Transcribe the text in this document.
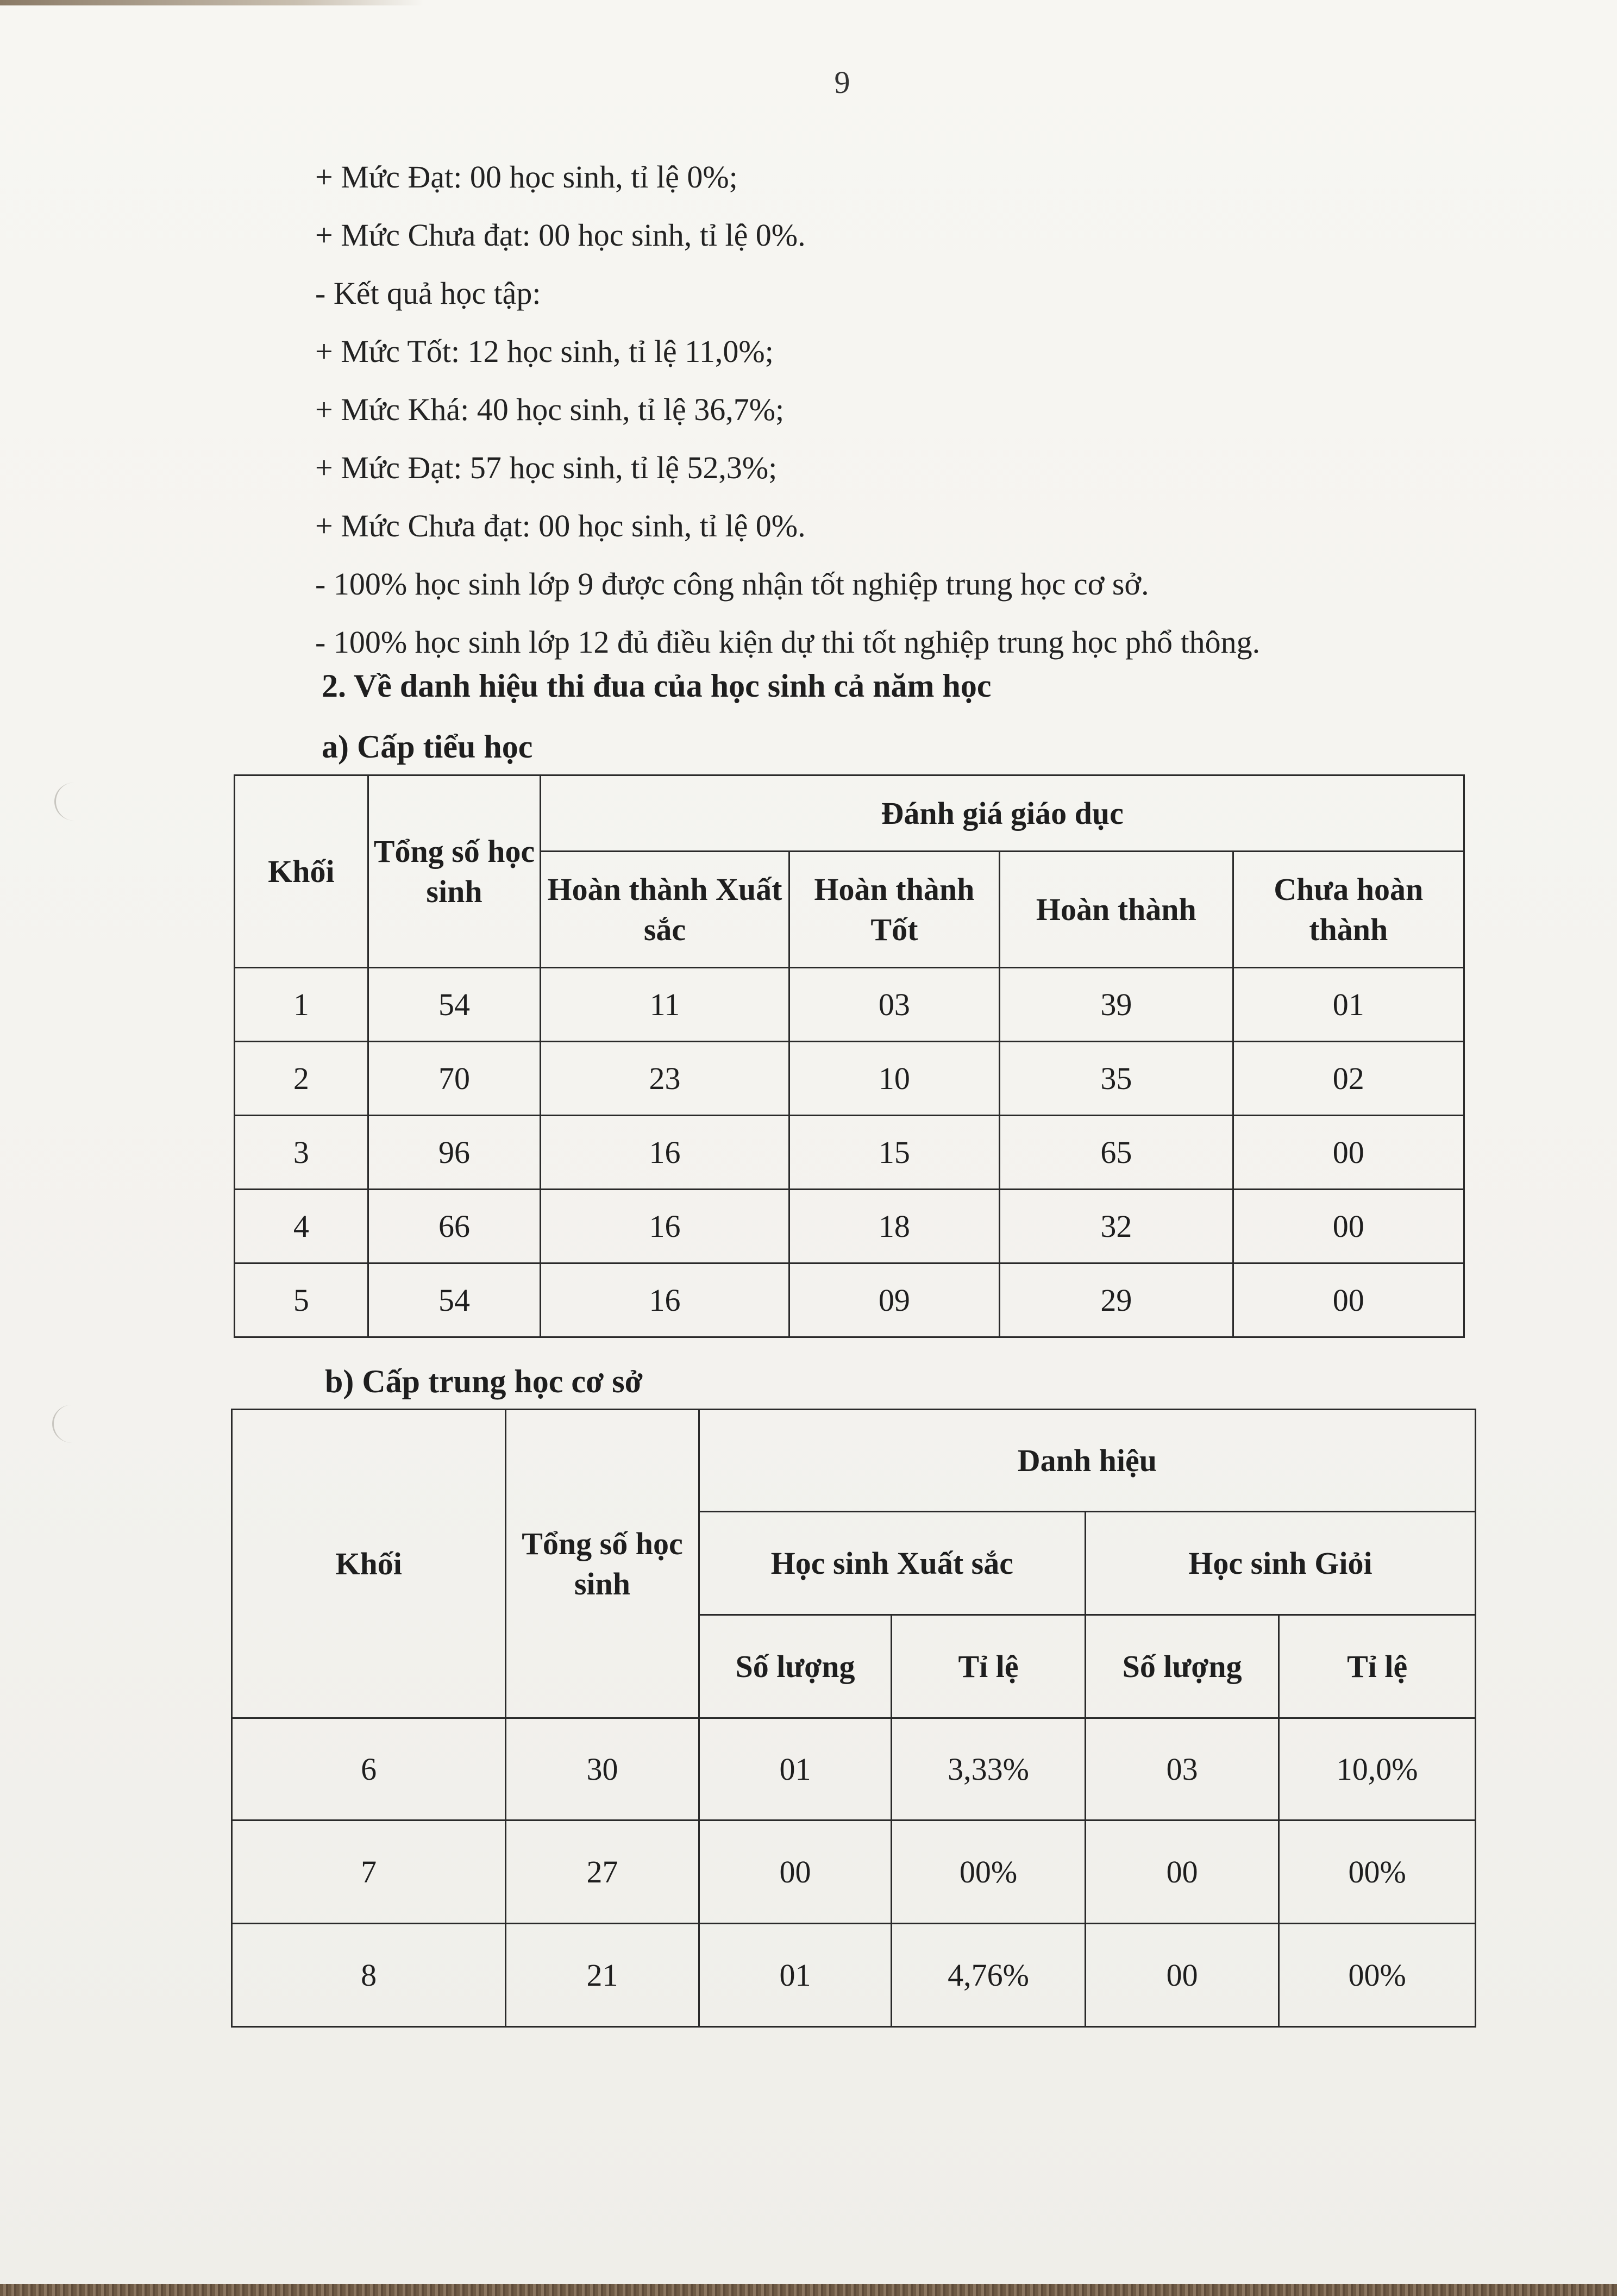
9
+ Mức Đạt: 00 học sinh, tỉ lệ 0%;
+ Mức Chưa đạt: 00 học sinh, tỉ lệ 0%.
- Kết quả học tập:
+ Mức Tốt: 12 học sinh, tỉ lệ 11,0%;
+ Mức Khá: 40 học sinh, tỉ lệ 36,7%;
+ Mức Đạt: 57 học sinh, tỉ lệ 52,3%;
+ Mức Chưa đạt: 00 học sinh, tỉ lệ 0%.
- 100% học sinh lớp 9 được công nhận tốt nghiệp trung học cơ sở.
- 100% học sinh lớp 12 đủ điều kiện dự thi tốt nghiệp trung học phổ thông.
2. Về danh hiệu thi đua của học sinh cả năm học
a) Cấp tiểu học
Khối	Tổng số học sinh	Đánh giá giáo dục			
		Hoàn thành Xuất sắc	Hoàn thành Tốt	Hoàn thành	Chưa hoàn thành
1	54	11	03	39	01
2	70	23	10	35	02
3	96	16	15	65	00
4	66	16	18	32	00
5	54	16	09	29	00
b) Cấp trung học cơ sở
Khối	Tổng số học sinh	Danh hiệu			
		Học sinh Xuất sắc		Học sinh Giỏi	
		Số lượng	Tỉ lệ	Số lượng	Tỉ lệ
6	30	01	3,33%	03	10,0%
7	27	00	00%	00	00%
8	21	01	4,76%	00	00%
